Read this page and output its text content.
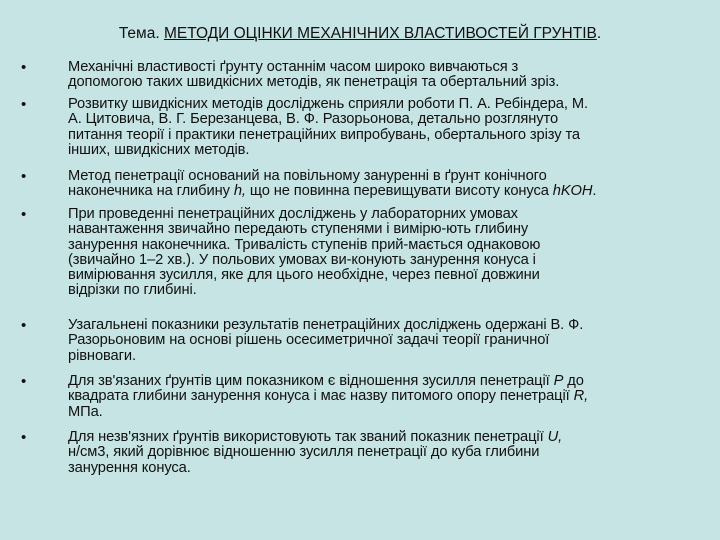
Тема. МЕТОДИ ОЦІНКИ МЕХАНІЧНИХ ВЛАСТИВОСТЕЙ ГРУНТІВ.
•	Механічні властивості ґрунту останнім часом широко вивчаються з
допомогою таких швидкісних методів, як пенетрація та обертальний зріз.
•	Розвитку швидкісних методів досліджень сприяли роботи П. А. Ребіндера, М.
А. Цитовича, В. Г. Березанцева, В. Ф. Разорьонова, детально розглянуто
питання теорії і практики пенетраційних випробувань, обертального зрізу та
інших, швидкісних методів.
•	Метод пенетрації оснований на повільному зануренні в ґрунт конічного
наконечника на глибину h, що не повинна перевищувати висоту конуса hKOH.
•	При проведенні пенетраційних досліджень у лабораторних умовах
навантаження звичайно передають ступенями і вимірю-ють глибину
занурення наконечника. Тривалість ступенів прий-мається однаковою
(звичайно 1–2 хв.). У польових умовах ви-конують занурення конуса і
вимірювання зусилля, яке для цього необхідне, через певної довжини
відрізки по глибині.
•	Узагальнені показники результатів пенетраційних досліджень одержані В. Ф.
Разорьоновим на основі рішень осесиметричної задачі теорії граничної
рівноваги.
•	Для зв'язаних ґрунтів цим показником є відношення зусилля пенетрації P до
квадрата глибини занурення конуса і має назву питомого опору пенетрації R,
МПа.
•	Для незв'язних ґрунтів використовують так званий показник пенетрації U,
н/см3, який дорівнює відношенню зусилля пенетрації до куба глибини
занурення конуса.
